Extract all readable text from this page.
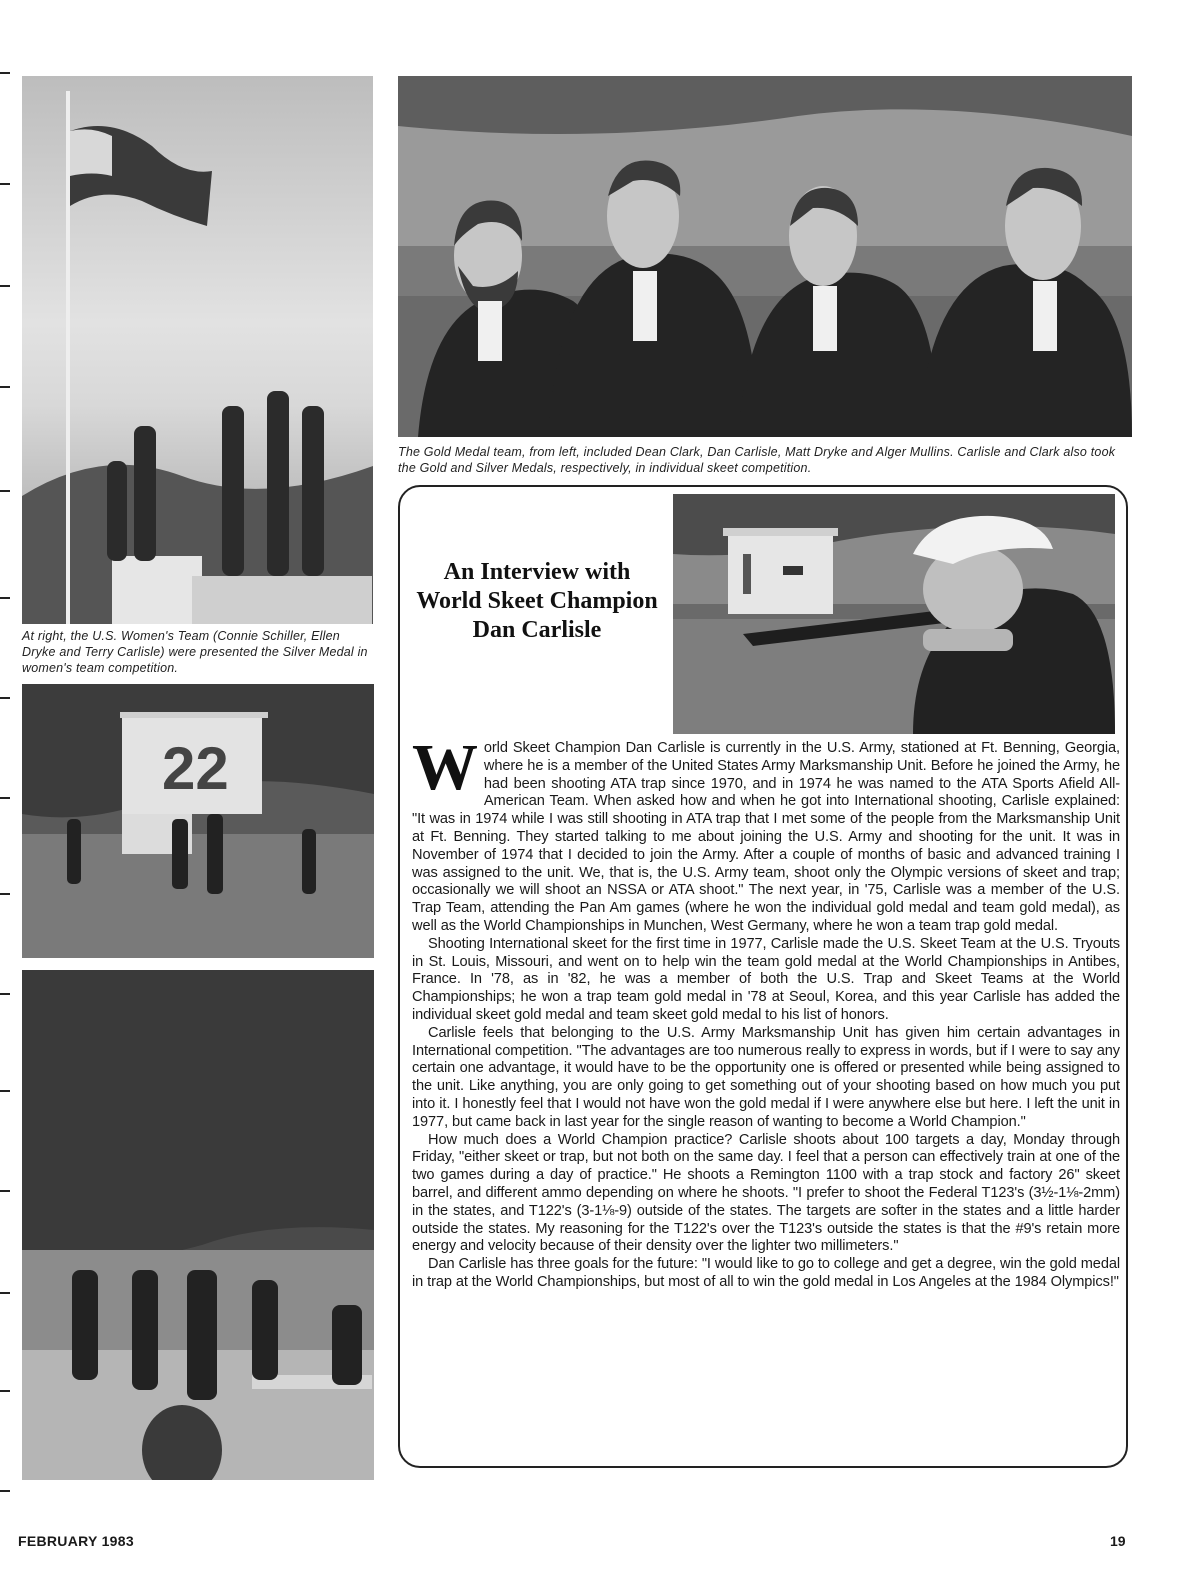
At right, the U.S. Women's Team (Connie Schiller, Ellen Dryke and Terry Carlisle) were presented the Silver Medal in women's team competition.
22
The Gold Medal team, from left, included Dean Clark, Dan Carlisle, Matt Dryke and Alger Mullins. Carlisle and Clark also took the Gold and Silver Medals, respectively, in individual skeet competition.
An Interview with World Skeet Champion Dan Carlisle

World Skeet Champion Dan Carlisle is currently in the U.S. Army, stationed at Ft. Benning, Georgia, where he is a member of the United States Army Marksmanship Unit. Before he joined the Army, he had been shooting ATA trap since 1970, and in 1974 he was named to the ATA Sports Afield All-American Team. When asked how and when he got into International shooting, Carlisle explained: "It was in 1974 while I was still shooting in ATA trap that I met some of the people from the Marksmanship Unit at Ft. Benning. They started talking to me about joining the U.S. Army and shooting for the unit. It was in November of 1974 that I decided to join the Army. After a couple of months of basic and advanced training I was assigned to the unit. We, that is, the U.S. Army team, shoot only the Olympic versions of skeet and trap; occasionally we will shoot an NSSA or ATA shoot." The next year, in '75, Carlisle was a member of the U.S. Trap Team, attending the Pan Am games (where he won the individual gold medal and team gold medal), as well as the World Championships in Munchen, West Germany, where he won a team trap gold medal.

Shooting International skeet for the first time in 1977, Carlisle made the U.S. Skeet Team at the U.S. Tryouts in St. Louis, Missouri, and went on to help win the team gold medal at the World Championships in Antibes, France. In '78, as in '82, he was a member of both the U.S. Trap and Skeet Teams at the World Championships; he won a trap team gold medal in '78 at Seoul, Korea, and this year Carlisle has added the individual skeet gold medal and team skeet gold medal to his list of honors.

Carlisle feels that belonging to the U.S. Army Marksmanship Unit has given him certain advantages in International competition. "The advantages are too numerous really to express in words, but if I were to say any certain one advantage, it would have to be the opportunity one is offered or presented while being assigned to the unit. Like anything, you are only going to get something out of your shooting based on how much you put into it. I honestly feel that I would not have won the gold medal if I were anywhere else but here. I left the unit in 1977, but came back in last year for the single reason of wanting to become a World Champion."

How much does a World Champion practice? Carlisle shoots about 100 targets a day, Monday through Friday, "either skeet or trap, but not both on the same day. I feel that a person can effectively train at one of the two games during a day of practice." He shoots a Remington 1100 with a trap stock and factory 26" skeet barrel, and different ammo depending on where he shoots. "I prefer to shoot the Federal T123's (3½-1⅛-2mm) in the states, and T122's (3-1⅛-9) outside of the states. The targets are softer in the states and a little harder outside the states. My reasoning for the T122's over the T123's outside the states is that the #9's retain more energy and velocity because of their density over the lighter two millimeters."

Dan Carlisle has three goals for the future: "I would like to go to college and get a degree, win the gold medal in trap at the World Championships, but most of all to win the gold medal in Los Angeles at the 1984 Olympics!"

FEBRUARY 1983	19
